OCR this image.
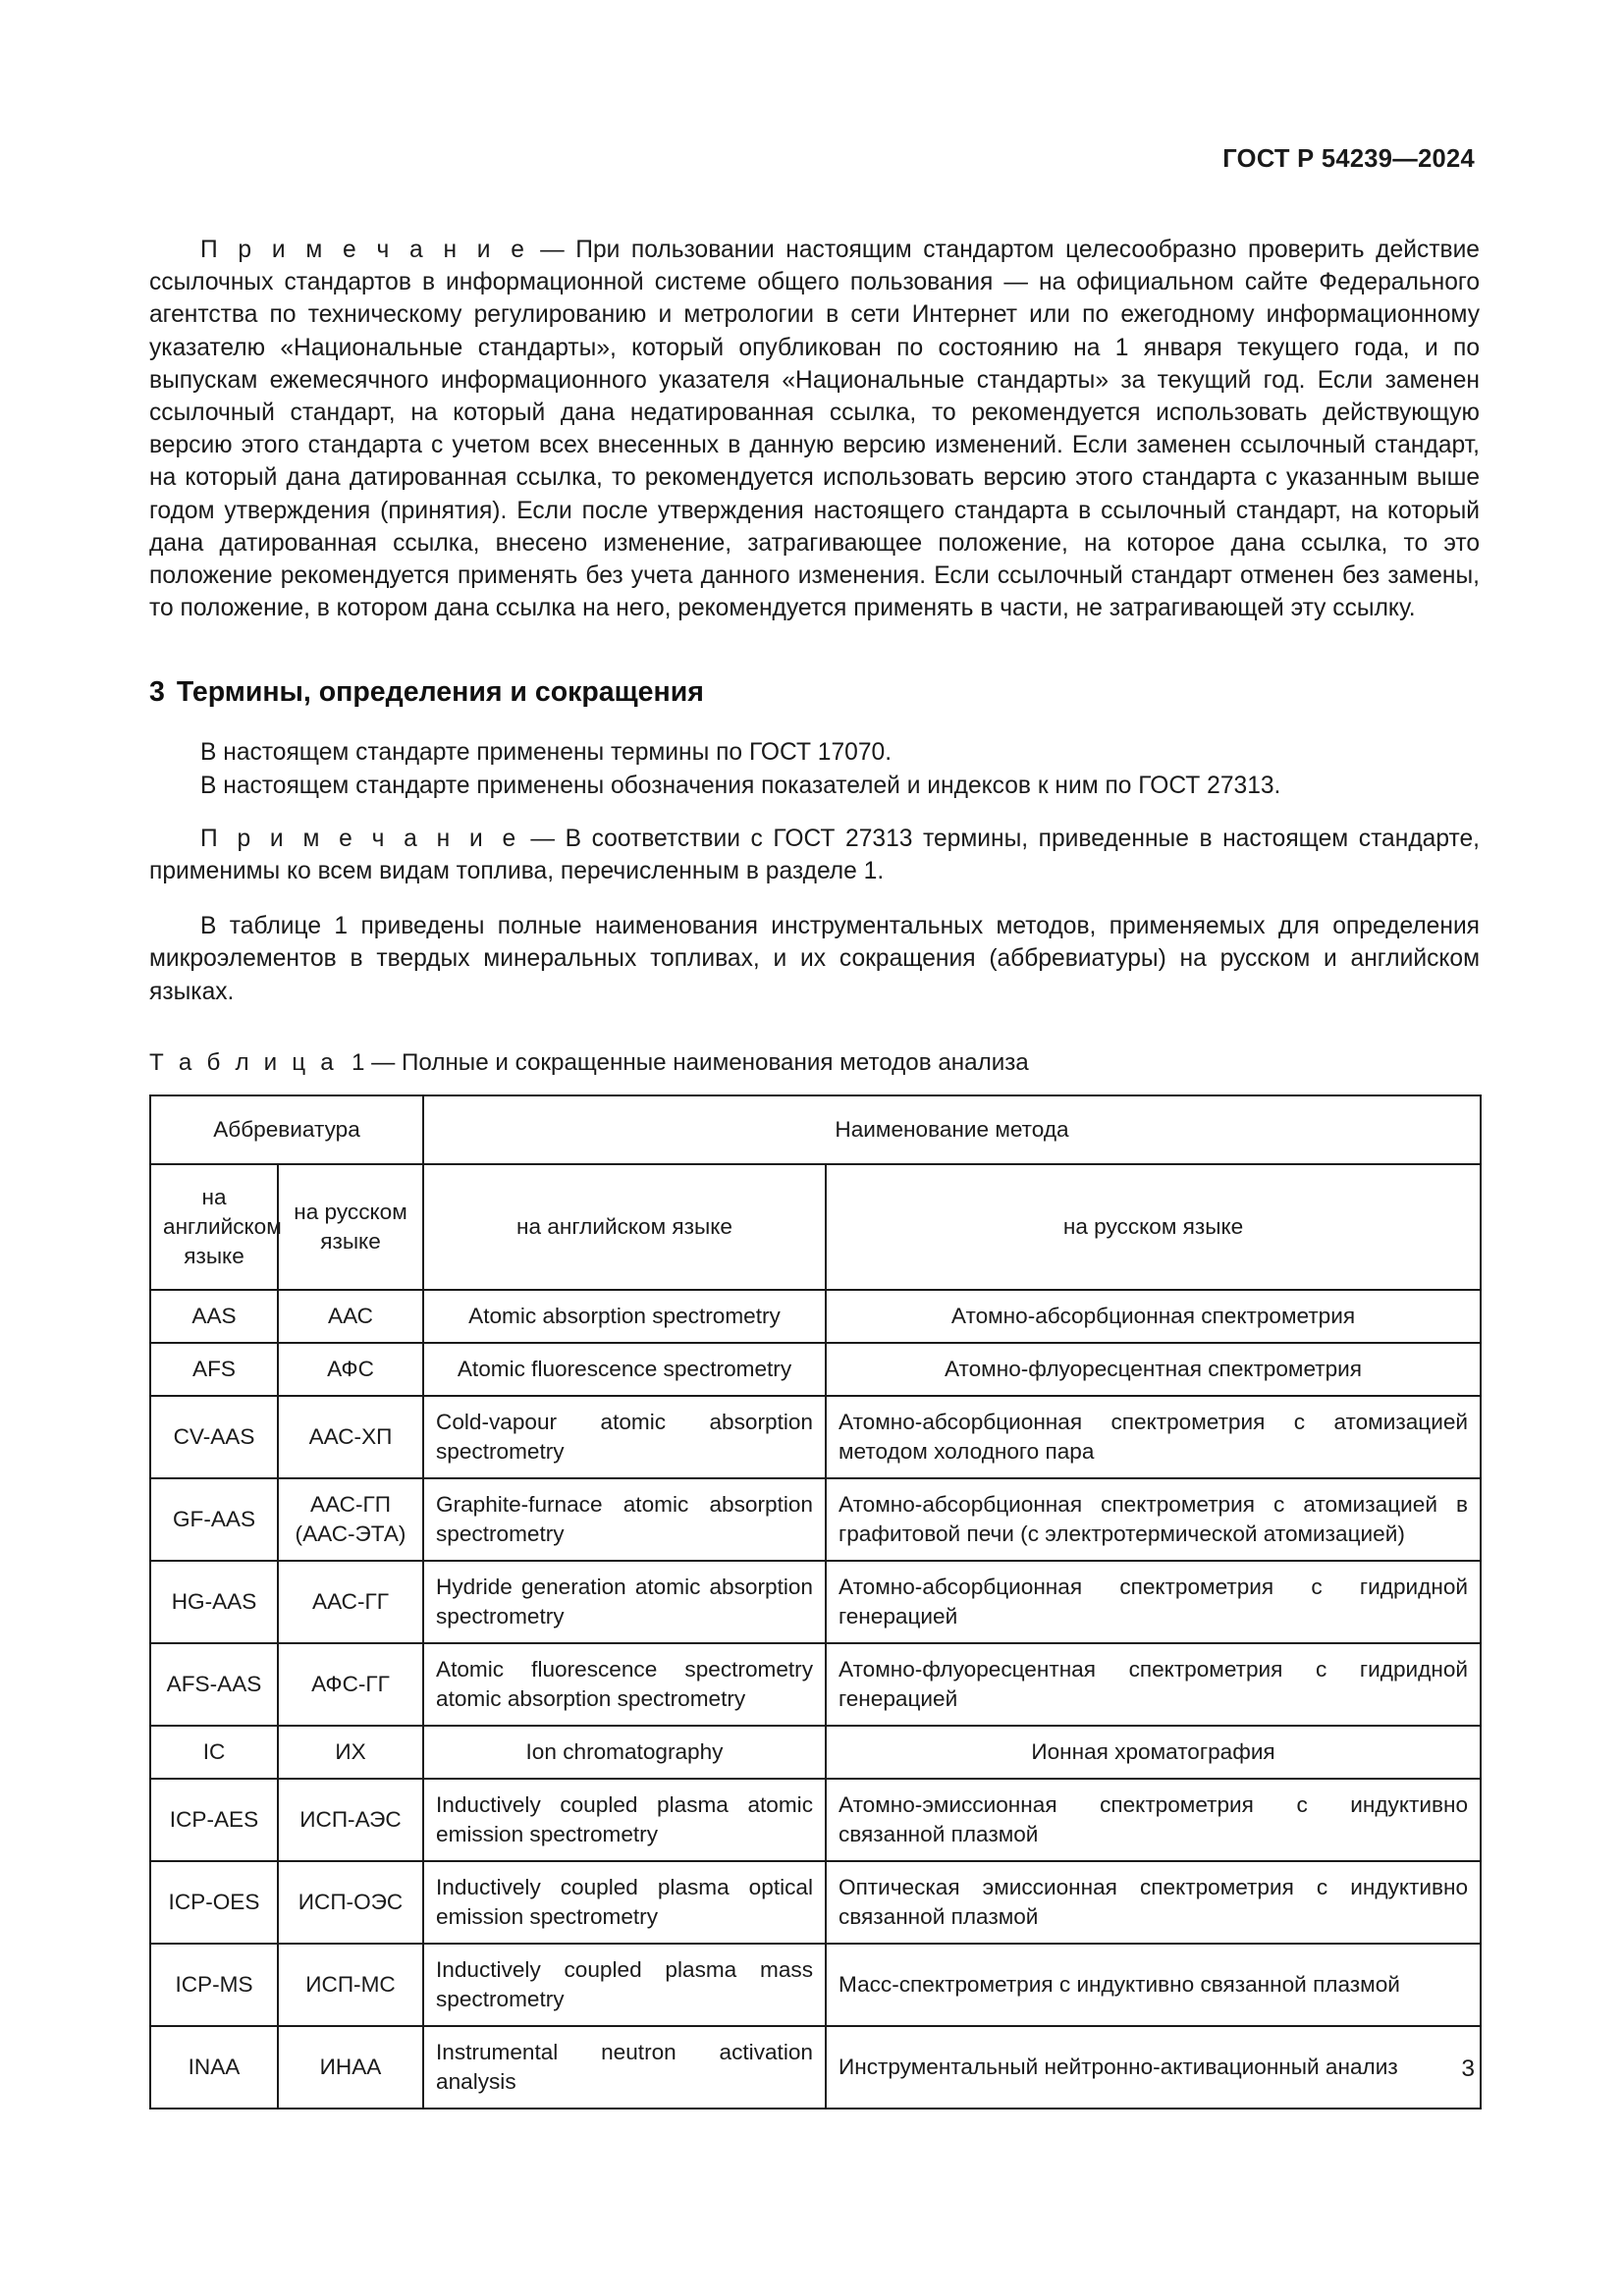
ГОСТ Р 54239—2024

П р и м е ч а н и е — При пользовании настоящим стандартом целесообразно проверить действие ссылочных стандартов в информационной системе общего пользования — на официальном сайте Федерального агентства по техническому регулированию и метрологии в сети Интернет или по ежегодному информационному указателю «Национальные стандарты», который опубликован по состоянию на 1 января текущего года, и по выпускам ежемесячного информационного указателя «Национальные стандарты» за текущий год. Если заменен ссылочный стандарт, на который дана недатированная ссылка, то рекомендуется использовать действующую версию этого стандарта с учетом всех внесенных в данную версию изменений. Если заменен ссылочный стандарт, на который дана датированная ссылка, то рекомендуется использовать версию этого стандарта с указанным выше годом утверждения (принятия). Если после утверждения настоящего стандарта в ссылочный стандарт, на который дана датированная ссылка, внесено изменение, затрагивающее положение, на которое дана ссылка, то это положение рекомендуется применять без учета данного изменения. Если ссылочный стандарт отменен без замены, то положение, в котором дана ссылка на него, рекомендуется применять в части, не затрагивающей эту ссылку.

3 Термины, определения и сокращения

В настоящем стандарте применены термины по ГОСТ 17070.

В настоящем стандарте применены обозначения показателей и индексов к ним по ГОСТ 27313.

П р и м е ч а н и е — В соответствии с ГОСТ 27313 термины, приведенные в настоящем стандарте, применимы ко всем видам топлива, перечисленным в разделе 1.

В таблице 1 приведены полные наименования инструментальных методов, применяемых для определения микроэлементов в твердых минеральных топливах, и их сокращения (аббревиатуры) на русском и английском языках.

Т а б л и ц а 1 — Полные и сокращенные наименования методов анализа
Аббревиатура		Наименование метода	
на английском языке	на русском языке	на английском языке	на русском языке
AAS	ААС	Atomic absorption spectrometry	Атомно-абсорбционная спектрометрия
AFS	АФС	Atomic fluorescence spectrometry	Атомно-флуоресцентная спектрометрия
CV-AAS	ААС-ХП	Cold-vapour atomic absorption spectrometry	Атомно-абсорбционная спектрометрия с атомизацией методом холодного пара
GF-AAS	ААС-ГП (ААС-ЭТА)	Graphite-furnace atomic absorption spectrometry	Атомно-абсорбционная спектрометрия с атомизацией в графитовой печи (с электротермической атомизацией)
HG-AAS	ААС-ГГ	Hydride generation atomic absorption spectrometry	Атомно-абсорбционная спектрометрия с гидридной генерацией
AFS-AAS	АФС-ГГ	Atomic fluorescence spectrometry atomic absorption spectrometry	Атомно-флуоресцентная спектрометрия с гидридной генерацией
IC	ИХ	Ion chromatography	Ионная хроматография
ICP-AES	ИСП-АЭС	Inductively coupled plasma atomic emission spectrometry	Атомно-эмиссионная спектрометрия с индуктивно связанной плазмой
ICP-OES	ИСП-ОЭС	Inductively coupled plasma optical emission spectrometry	Оптическая эмиссионная спектрометрия с индуктивно связанной плазмой
ICP-MS	ИСП-МС	Inductively coupled plasma mass spectrometry	Масс-спектрометрия с индуктивно связанной плазмой
INAA	ИНАА	Instrumental neutron activation analysis	Инструментальный нейтронно-активационный анализ	3
